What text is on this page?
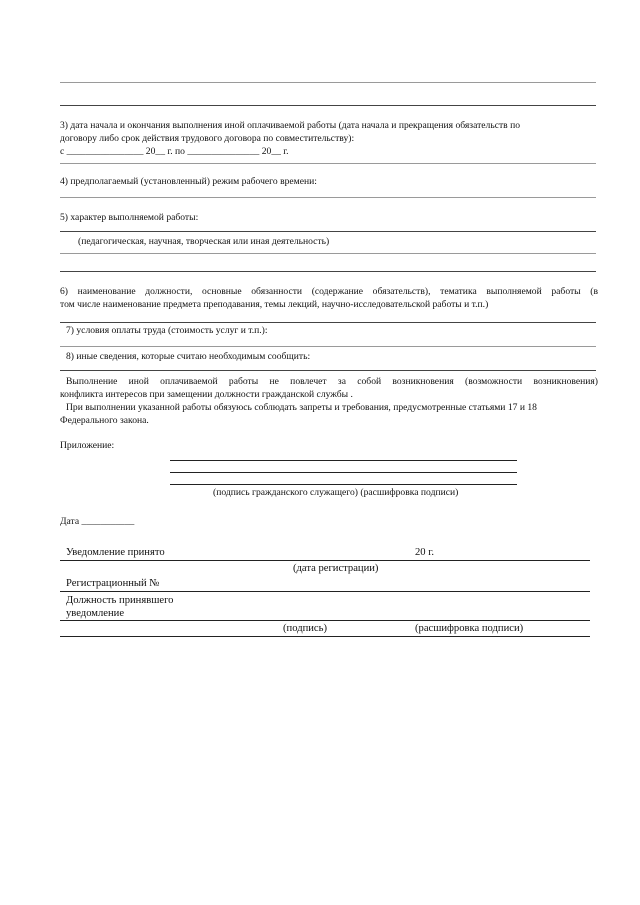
3) дата начала и окончания выполнения иной оплачиваемой работы (дата начала и прекращения обязательств по
договору либо срок действия трудового договора по совместительству):
с ________________ 20__ г. по _______________ 20__ г.
4) предполагаемый (установленный) режим рабочего времени:
5) характер выполняемой работы:
(педагогическая, научная, творческая или иная деятельность)
6) наименование должности, основные обязанности (содержание обязательств), тематика выполняемой работы (в
том числе наименование предмета преподавания, темы лекций, научно-исследовательской работы и т.п.)
7) условия оплаты труда (стоимость услуг и т.п.):
8) иные сведения, которые считаю необходимым сообщить:
Выполнение иной оплачиваемой работы не повлечет за собой возникновения (возможности возникновения)
конфликта интересов при замещении должности гражданской службы .
При выполнении указанной работы обязуюсь соблюдать запреты и требования, предусмотренные статьями 17 и 18
Федерального закона.
Приложение:
(подпись гражданского служащего) (расшифровка подписи)
Дата ___________
Уведомление принято	20 г.
(дата регистрации)
Регистрационный №
Должность принявшего
уведомление
(подпись)	(расшифровка подписи)
